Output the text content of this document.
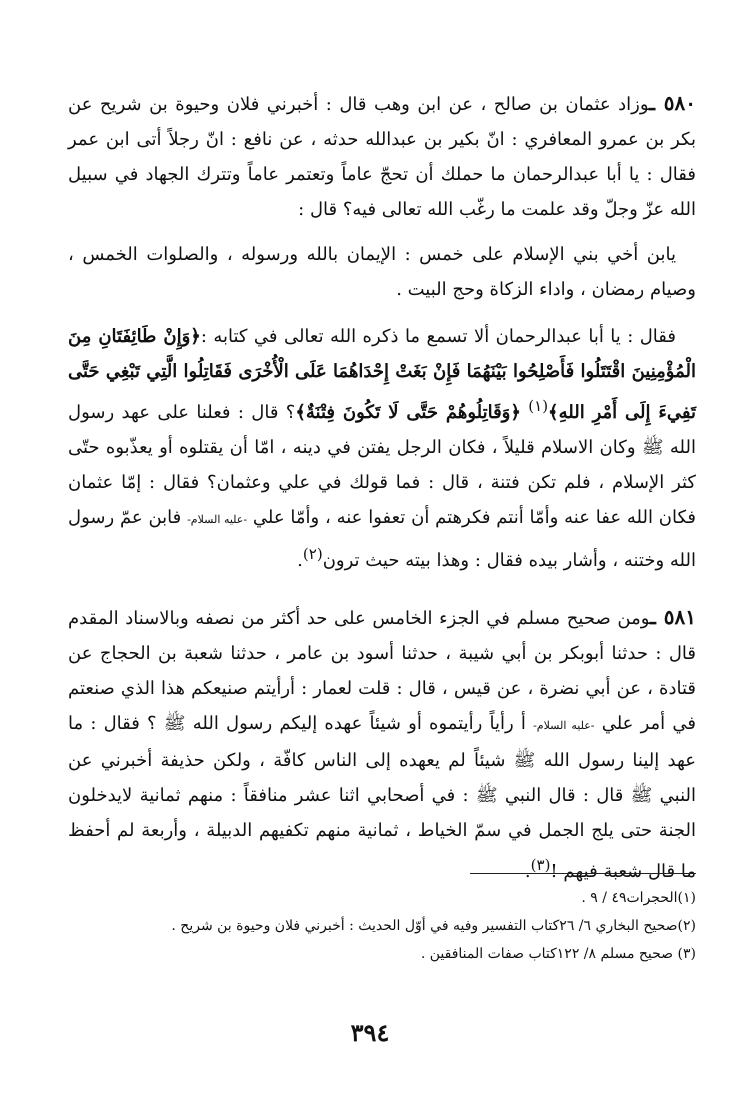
٥٨٠ ـوزاد عثمان بن صالح ، عن ابن وهب قال : أخبرني فلان وحيوة بن شريح عن بكر بن عمرو المعافري : انّ بكير بن عبدالله حدثه ، عن نافع : انّ رجلاً أتى ابن عمر فقال : يا أبا عبدالرحمان ما حملك أن تحجّ عاماً وتعتمر عاماً وتترك الجهاد في سبيل الله عزّ وجلّ وقد علمت ما رغّب الله تعالى فيه؟ قال :

يابن أخي بني الإسلام على خمس : الإيمان بالله ورسوله ، والصلوات الخمس ، وصيام رمضان ، واداء الزكاة وحج البيت .

فقال : يا أبا عبدالرحمان ألا تسمع ما ذكره الله تعالى في كتابه :﴿وَإِنْ طَائِفَتَانِ مِنَ الْمُؤْمِنِينَ اقْتَتَلُوا فَأَصْلِحُوا بَيْنَهُمَا فَإِنْ بَغَتْ إِحْدَاهُمَا عَلَى الْأُخْرَى فَقَاتِلُوا الَّتِي تَبْغِي حَتَّى تَفِيءَ إِلَى أَمْرِ اللهِ﴾$^{(١)}$ ﴿وَقَاتِلُوهُمْ حَتَّى لَا تَكُونَ فِتْنَةٌ﴾؟ قال : فعلنا على عهد رسول الله ﷺ وكان الاسلام قليلاً ، فكان الرجل يفتن في دينه ، امّا أن يقتلوه أو يعذّبوه حتّى كثر الإسلام ، فلم تكن فتنة ، قال : فما قولك في علي وعثمان؟ فقال : إمّا عثمان فكان الله عفا عنه وأمّا أنتم فكرهتم أن تعفوا عنه ، وأمّا علي -عليه السلام- فابن عمّ رسول الله وختنه ، وأشار بيده فقال : وهذا بيته حيث ترون$^{(٢)}$.

٥٨١ ـومن صحيح مسلم في الجزء الخامس على حد أكثر من نصفه وبالاسناد المقدم قال : حدثنا أبوبكر بن أبي شيبة ، حدثنا أسود بن عامر ، حدثنا شعبة بن الحجاج عن قتادة ، عن أبي نضرة ، عن قيس ، قال : قلت لعمار : أرأيتم صنيعكم هذا الذي صنعتم في أمر علي -عليه السلام- أ رأياً رأيتموه أو شيئاً عهده إليكم رسول الله ﷺ ؟ فقال : ما عهد إلينا رسول الله ﷺ شيئاً لم يعهده إلى الناس كافّة ، ولكن حذيفة أخبرني عن النبي ﷺ قال : قال النبي ﷺ : في أصحابي اثنا عشر منافقاً : منهم ثمانية لايدخلون الجنة حتى يلج الجمل في سمّ الخياط ، ثمانية منهم تكفيهم الدبيلة ، وأربعة لم أحفظ ما قال شعبة فيهم !$^{(٣)}$.

(١)الحجرات٤٩ / ٩ .

(٢)صحيح البخاري ٦/ ٢٦كتاب التفسير وفيه في أوّل الحديث : أخبرني فلان وحيوة بن شريح .

(٣) صحيح مسلم ٨/ ١٢٢كتاب صفات المنافقين .

٣٩٤
